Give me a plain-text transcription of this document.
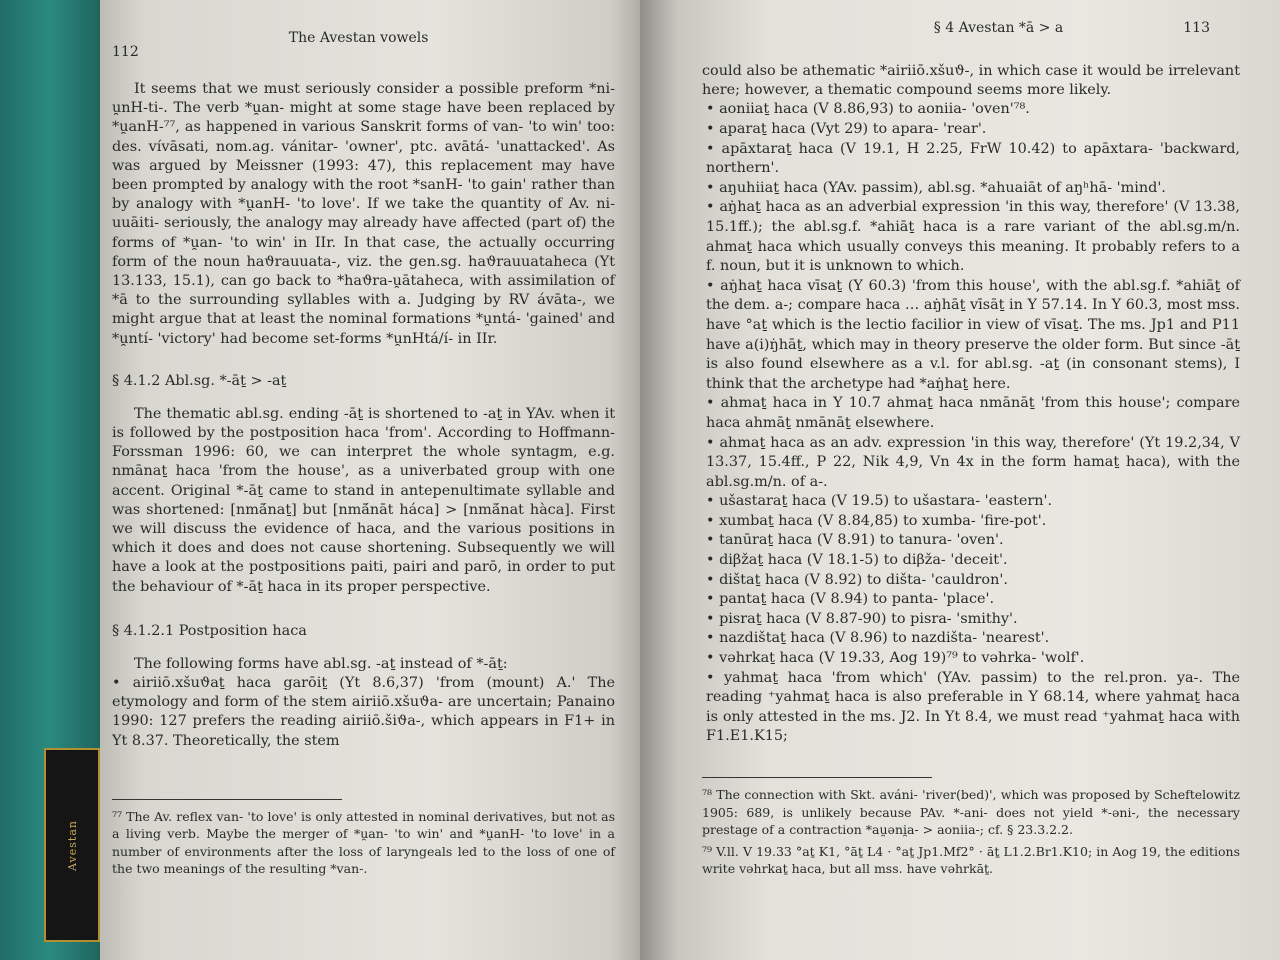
Avestan
112
The Avestan vowels

It seems that we must seriously consider a possible preform *ni-u̯nH-ti-. The verb *u̯an- might at some stage have been replaced by *u̯anH-⁷⁷, as happened in various Sanskrit forms of van- 'to win' too: des. vívāsati, nom.ag. vánitar- 'owner', ptc. avātá- 'unattacked'. As was argued by Meissner (1993: 47), this replacement may have been prompted by analogy with the root *sanH- 'to gain' rather than by analogy with *u̯anH- 'to love'. If we take the quantity of Av. ni-uuāiti- seriously, the analogy may already have affected (part of) the forms of *u̯an- 'to win' in IIr. In that case, the actually occurring form of the noun haϑrauuata-, viz. the gen.sg. haϑrauuataheca (Yt 13.133, 15.1), can go back to *haϑra-u̯ātaheca, with assimilation of *ā to the surrounding syllables with a. Judging by RV ávāta-, we might argue that at least the nominal formations *u̯ntá- 'gained' and *u̯ntí- 'victory' had become set-forms *u̯nHtá/í- in IIr.

§ 4.1.2 Abl.sg. *-āṯ > -aṯ

The thematic abl.sg. ending -āṯ is shortened to -aṯ in YAv. when it is followed by the postposition haca 'from'. According to Hoffmann-Forssman 1996: 60, we can interpret the whole syntagm, e.g. nmānaṯ haca 'from the house', as a univerbated group with one accent. Original *-āṯ came to stand in antepenultimate syllable and was shortened: [nmā́naṯ] but [nmā́nāt háca] > [nmā́nat hàca]. First we will discuss the evidence of haca, and the various positions in which it does and does not cause shortening. Subsequently we will have a look at the postpositions paiti, pairi and parō, in order to put the behaviour of *-āṯ haca in its proper perspective.

§ 4.1.2.1 Postposition haca

The following forms have abl.sg. -aṯ instead of *-āṯ:

• airiiō.xšuϑaṯ haca garōiṯ (Yt 8.6,37) 'from (mount) A.' The etymology and form of the stem airiiō.xšuϑa- are uncertain; Panaino 1990: 127 prefers the reading airiiō.šiϑa-, which appears in F1+ in Yt 8.37. Theoretically, the stem

⁷⁷ The Av. reflex van- 'to love' is only attested in nominal derivatives, but not as a living verb. Maybe the merger of *u̯an- 'to win' and *u̯anH- 'to love' in a number of environments after the loss of laryngeals led to the loss of one of the two meanings of the resulting *van-.

§ 4 Avestan *ā > a	113

could also be athematic *airiiō.xšuϑ-, in which case it would be irrelevant here; however, a thematic compound seems more likely.

• aoniiaṯ haca (V 8.86,93) to aoniia- 'oven'⁷⁸.
• aparaṯ haca (Vyt 29) to apara- 'rear'.
• apāxtaraṯ haca (V 19.1, H 2.25, FrW 10.42) to apāxtara- 'backward, northern'.
• aŋuhiiaṯ haca (YAv. passim), abl.sg. *ahuaiāt of aŋʰhā- 'mind'.
• aŋ̇haṯ haca as an adverbial expression 'in this way, therefore' (V 13.38, 15.1ff.); the abl.sg.f. *ahiāṯ haca is a rare variant of the abl.sg.m/n. ahmaṯ haca which usually conveys this meaning. It probably refers to a f. noun, but it is unknown to which.
• aŋ̇haṯ haca vīsaṯ (Y 60.3) 'from this house', with the abl.sg.f. *ahiāṯ of the dem. a-; compare haca … aŋ̇hāṯ vīsāṯ in Y 57.14. In Y 60.3, most mss. have °aṯ which is the lectio facilior in view of vīsaṯ. The ms. Jp1 and P11 have a(i)ŋ̇hāṯ, which may in theory preserve the older form. But since -āṯ is also found elsewhere as a v.l. for abl.sg. -aṯ (in consonant stems), I think that the archetype had *aŋ̇haṯ here.
• ahmaṯ haca in Y 10.7 ahmaṯ haca nmānāṯ 'from this house'; compare haca ahmāṯ nmānāṯ elsewhere.
• ahmaṯ haca as an adv. expression 'in this way, therefore' (Yt 19.2,34, V 13.37, 15.4ff., P 22, Nik 4,9, Vn 4x in the form hamaṯ haca), with the abl.sg.m/n. of a-.
• ušastaraṯ haca (V 19.5) to ušastara- 'eastern'.
• xumbaṯ haca (V 8.84,85) to xumba- 'fire-pot'.
• tanūraṯ haca (V 8.91) to tanura- 'oven'.
• diβžaṯ haca (V 18.1-5) to diβža- 'deceit'.
• dištaṯ haca (V 8.92) to dišta- 'cauldron'.
• pantaṯ haca (V 8.94) to panta- 'place'.
• pisraṯ haca (V 8.87-90) to pisra- 'smithy'.
• nazdištaṯ haca (V 8.96) to nazdišta- 'nearest'.
• vəhrkaṯ haca (V 19.33, Aog 19)⁷⁹ to vəhrka- 'wolf'.
• yahmaṯ haca 'from which' (YAv. passim) to the rel.pron. ya-. The reading ⁺yahmaṯ haca is also preferable in Y 68.14, where yahmaṯ haca is only attested in the ms. J2. In Yt 8.4, we must read ⁺yahmaṯ haca with F1.E1.K15;

⁷⁸ The connection with Skt. aváni- 'river(bed)', which was proposed by Scheftelowitz 1905: 689, is unlikely because PAv. *-ani- does not yield *-əni-, the necessary prestage of a contraction *au̯əni̯a- > aoniia-; cf. § 23.3.2.2.

⁷⁹ V.ll. V 19.33 °aṯ K1, °āṯ L4 · °aṯ Jp1.Mf2° · āṯ L1.2.Br1.K10; in Aog 19, the editions write vəhrkaṯ haca, but all mss. have vəhrkāṯ.
